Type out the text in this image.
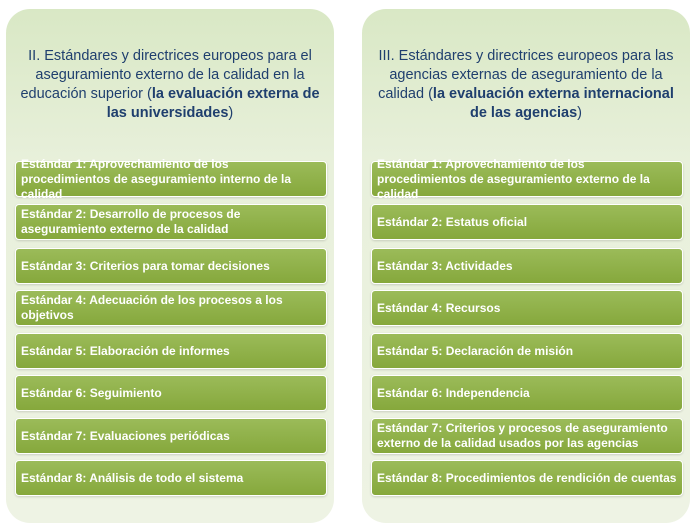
II. Estándares y directrices europeos para el aseguramiento externo de la calidad en la educación superior (la evaluación externa de las universidades)
Estándar 1: Aprovechamiento de los procedimientos de aseguramiento interno de la calidad
Estándar 2: Desarrollo de procesos de aseguramiento externo de la calidad
Estándar 3: Criterios para tomar decisiones
Estándar 4: Adecuación de los procesos a los objetivos
Estándar 5: Elaboración de informes
Estándar 6: Seguimiento
Estándar 7: Evaluaciones periódicas
Estándar 8: Análisis de todo el sistema
III. Estándares y directrices europeos para las agencias externas de aseguramiento de la calidad (la evaluación externa internacional de las agencias)
Estándar 1: Aprovechamiento de los procedimientos de aseguramiento externo de la calidad
Estándar 2: Estatus oficial
Estándar 3: Actividades
Estándar 4: Recursos
Estándar 5: Declaración de misión
Estándar 6: Independencia
Estándar 7: Criterios y procesos de aseguramiento externo de la calidad usados por las agencias
Estándar 8: Procedimientos de rendición de cuentas
